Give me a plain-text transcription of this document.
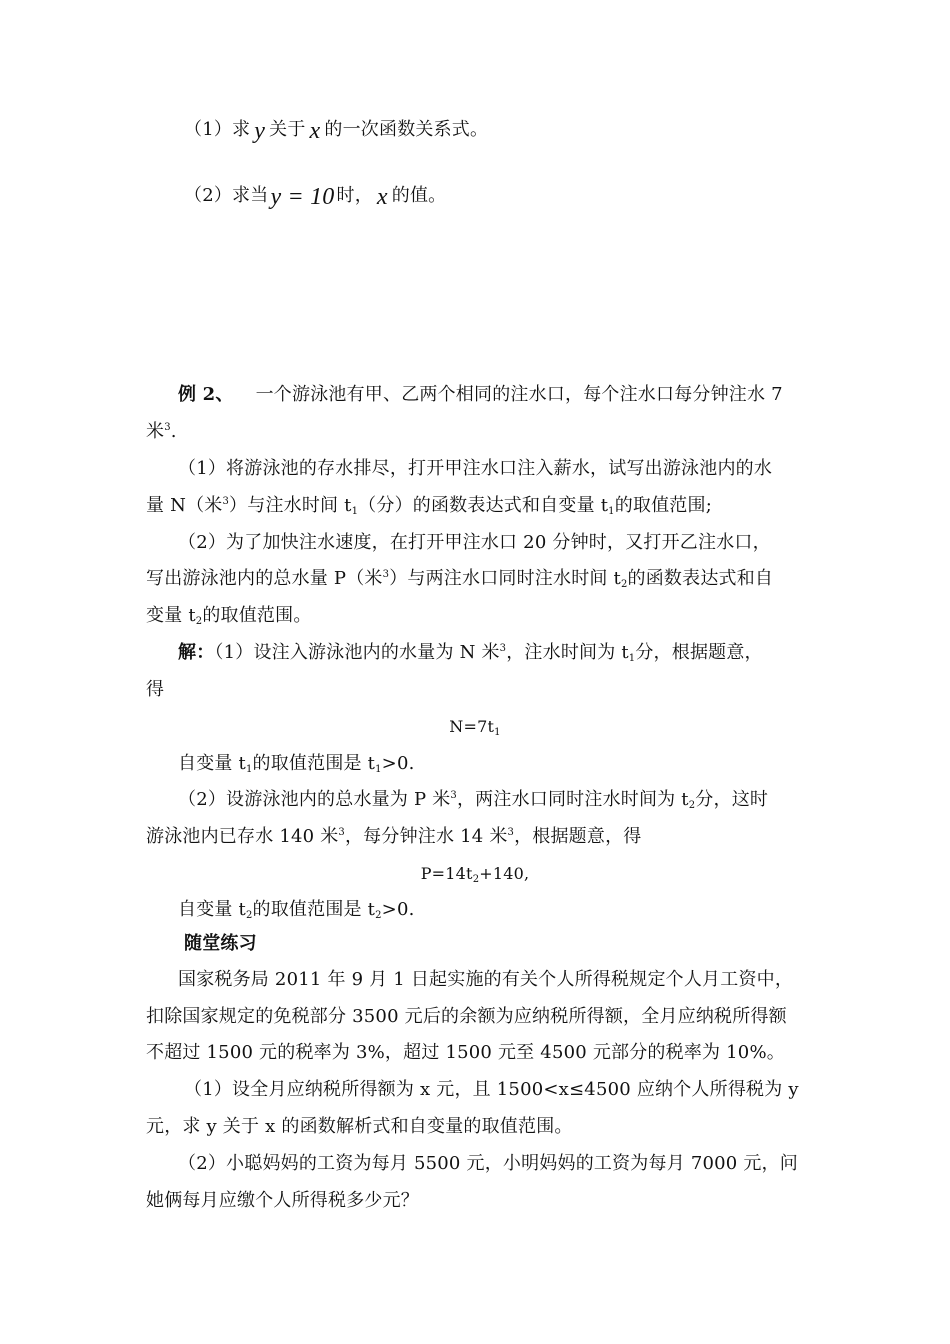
（1）求 y 关于 x 的一次函数关系式。
（2）求当y = 10 时， x 的值。
例 2、 一个游泳池有甲、乙两个相同的注水口，每个注水口每分钟注水 7
米$^3$.
（1）将游泳池的存水排尽，打开甲注水口注入薪水，试写出游泳池内的水
量 N（米$^3$）与注水时间 $t_1$（分）的函数表达式和自变量 $t_1$的取值范围;
（2）为了加快注水速度，在打开甲注水口 20 分钟时，又打开乙注水口，
写出游泳池内的总水量 P（米$^3$）与两注水口同时注水时间 $t_2$的函数表达式和自
变量 $t_2$的取值范围。
解：（1）设注入游泳池内的水量为 N 米$^3$，注水时间为 $t_1$分，根据题意，
得
$N=7t_1$
自变量 $t_1$的取值范围是 $t_1>0$.
（2）设游泳池内的总水量为 P 米$^3$，两注水口同时注水时间为 $t_2$分，这时
游泳池内已存水 140 米$^3$，每分钟注水 14 米$^3$，根据题意，得
$P=14t_2+140$,
自变量 $t_2$的取值范围是 $t_2>0$.
随堂练习
国家税务局 2011 年 9 月 1 日起实施的有关个人所得税规定个人月工资中，
扣除国家规定的免税部分 3500 元后的余额为应纳税所得额，全月应纳税所得额
不超过 1500 元的税率为 3%，超过 1500 元至 4500 元部分的税率为 10%。
（1）设全月应纳税所得额为 x 元，且 1500<x≤4500 应纳个人所得税为 y
元，求 y 关于 x 的函数解析式和自变量的取值范围。
（2）小聪妈妈的工资为每月 5500 元，小明妈妈的工资为每月 7000 元，问
她俩每月应缴个人所得税多少元？
